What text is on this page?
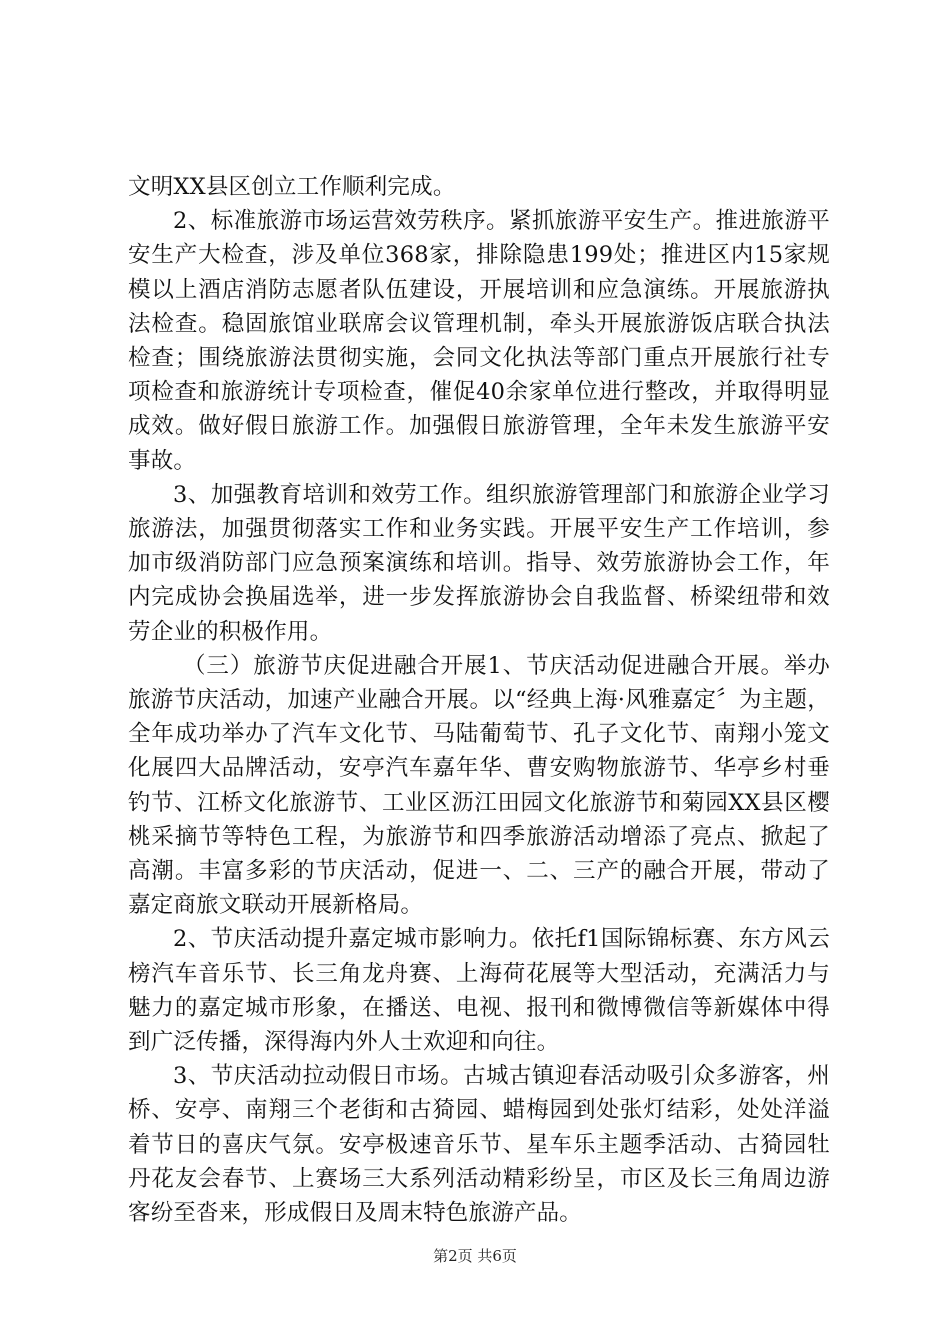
文明XX县区创立工作顺利完成。

2、标准旅游市场运营效劳秩序。紧抓旅游平安生产。推进旅游平安生产大检查，涉及单位368家，排除隐患199处；推进区内15家规模以上酒店消防志愿者队伍建设，开展培训和应急演练。开展旅游执法检查。稳固旅馆业联席会议管理机制，牵头开展旅游饭店联合执法检查；围绕旅游法贯彻实施，会同文化执法等部门重点开展旅行社专项检查和旅游统计专项检查，催促40余家单位进行整改，并取得明显成效。做好假日旅游工作。加强假日旅游管理，全年未发生旅游平安事故。

3、加强教育培训和效劳工作。组织旅游管理部门和旅游企业学习旅游法，加强贯彻落实工作和业务实践。开展平安生产工作培训，参加市级消防部门应急预案演练和培训。指导、效劳旅游协会工作，年内完成协会换届选举，进一步发挥旅游协会自我监督、桥梁纽带和效劳企业的积极作用。

（三）旅游节庆促进融合开展1、节庆活动促进融合开展。举办旅游节庆活动，加速产业融合开展。以“经典上海·风雅嘉定〞为主题，全年成功举办了汽车文化节、马陆葡萄节、孔子文化节、南翔小笼文化展四大品牌活动，安亭汽车嘉年华、曹安购物旅游节、华亭乡村垂钓节、江桥文化旅游节、工业区沥江田园文化旅游节和菊园XX县区樱桃采摘节等特色工程，为旅游节和四季旅游活动增添了亮点、掀起了高潮。丰富多彩的节庆活动，促进一、二、三产的融合开展，带动了嘉定商旅文联动开展新格局。

2、节庆活动提升嘉定城市影响力。依托f1国际锦标赛、东方风云榜汽车音乐节、长三角龙舟赛、上海荷花展等大型活动，充满活力与魅力的嘉定城市形象，在播送、电视、报刊和微博微信等新媒体中得到广泛传播，深得海内外人士欢迎和向往。

3、节庆活动拉动假日市场。古城古镇迎春活动吸引众多游客，州桥、安亭、南翔三个老街和古猗园、蜡梅园到处张灯结彩，处处洋溢着节日的喜庆气氛。安亭极速音乐节、星车乐主题季活动、古猗园牡丹花友会春节、上赛场三大系列活动精彩纷呈，市区及长三角周边游客纷至沓来，形成假日及周末特色旅游产品。

第2页 共6页
